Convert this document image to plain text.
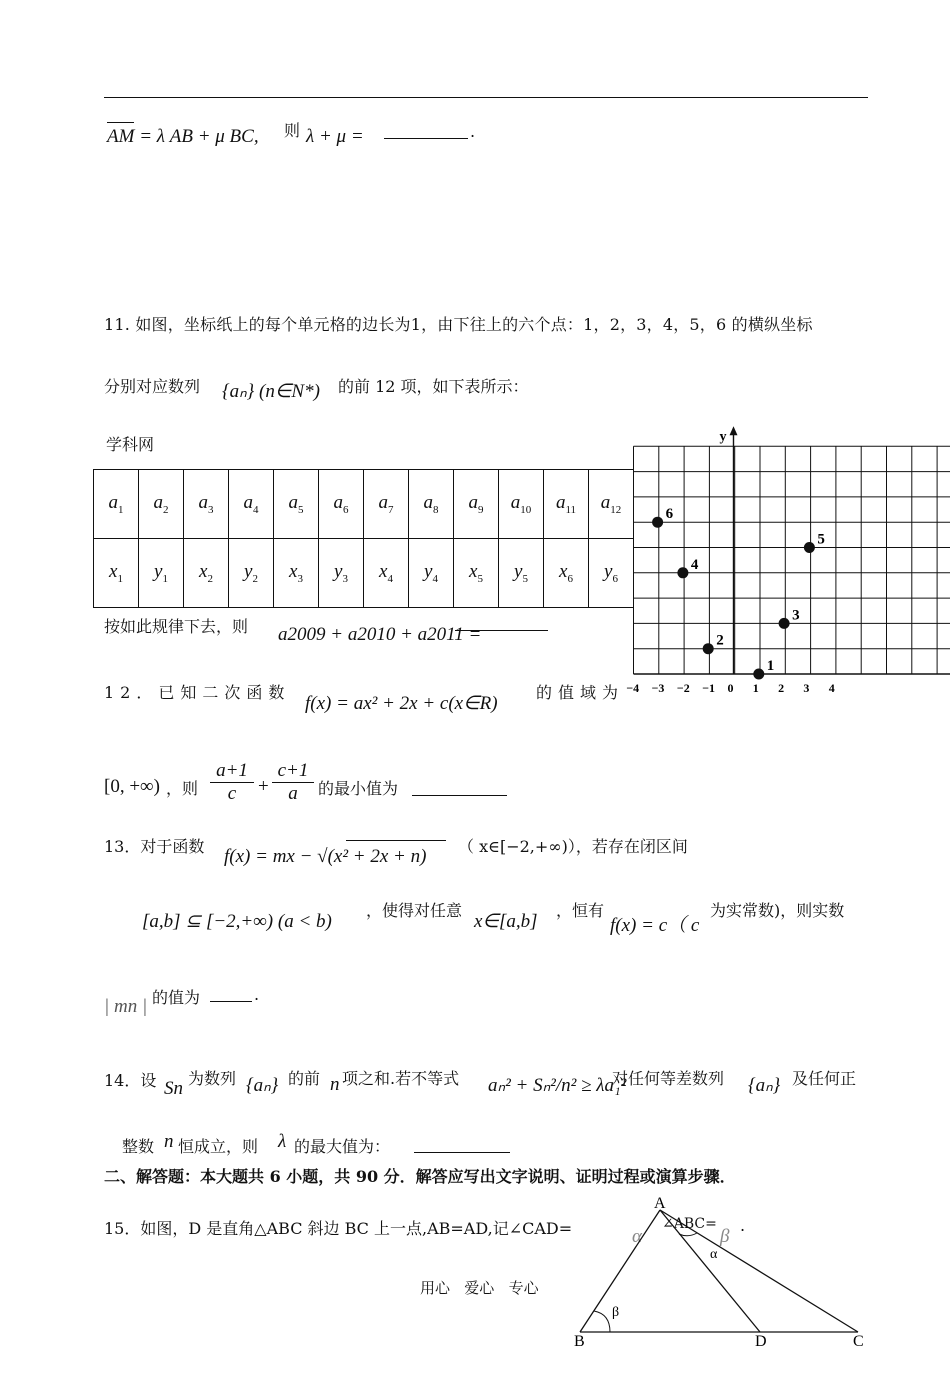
AM = λ AB + μ BC, 则 λ + μ =	.
11. 如图，坐标纸上的每个单元格的边长为1，由下往上的六个点：1，2，3，4，5，6 的横纵坐标
分别对应数列 {aₙ} (n∈N*) 的前 12 项，如下表所示：
学科网
$a_1$	$a_2$	$a_3$	$a_4$	$a_5$	$a_6$	$a_7$	$a_8$	$a_9$	$a_{10}$	$a_{11}$	$a_{12}$
$x_1$	$y_1$	$x_2$	$y_2$	$x_3$	$y_3$	$x_4$	$y_4$	$x_5$	$y_5$	$x_6$	$y_6$
按如此规律下去，则 a2009 + a2010 + a2011 =
y
−4 −3 −2 −1 0 1 2 3 4
1
2
3
4
5
6
12．已知二次函数
f(x) = ax² + 2x + c(x∈R)
的值域为
[0, +∞) ，则 $\frac{a+1}{c} + \frac{c+1}{a}$ 的最小值为
13．对于函数 f(x) = mx − √(x² + 2x + n) （ x∈[−2,+∞)），若存在闭区间
[a,b] ⊆ [−2,+∞) (a < b)
，使得对任意
x∈[a,b]
，恒有
f(x) = c（ c
为实常数)，则实数
| mn | 的值为	.
14．设 Sn 为数列 {aₙ} 的前 n 项之和.若不等式 aₙ² + Sₙ²/n² ≥ λa₁²
对任何等差数列 {aₙ} 及任何正
整数 n 恒成立，则 λ 的最大值为：
二、解答题：本大题共 6 小题，共 90 分．解答应写出文字说明、证明过程或演算步骤．
15．如图，D 是直角△ABC 斜边 BC 上一点,AB=AD,记∠CAD=	α
∠ABC=
β
.
A
B	D	C
α
β
用心   爱心   专心
